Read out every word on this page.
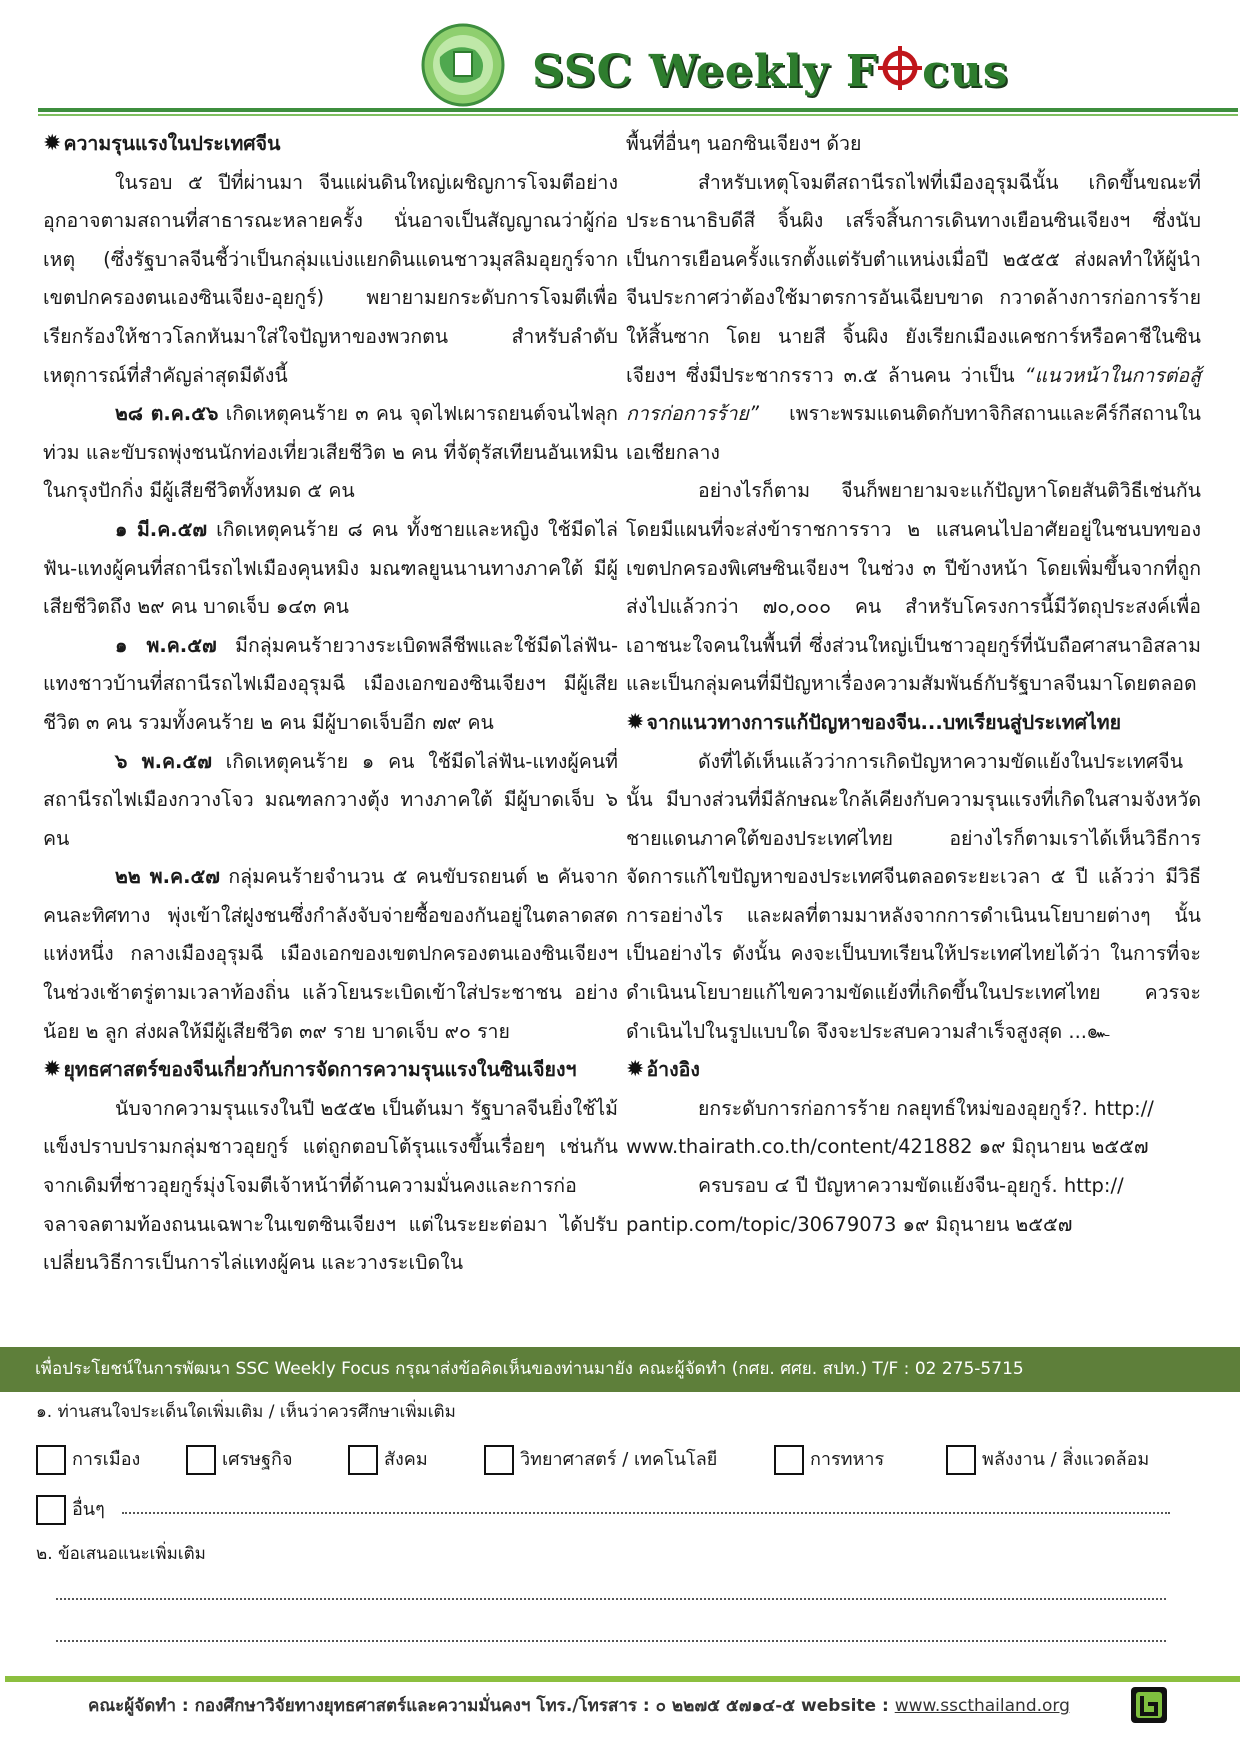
SSC Weekly F cus

✹ ความรุนแรงในประเทศจีน

ในรอบ ๕ ปีที่ผ่านมา จีนแผ่นดินใหญ่เผชิญการโจมตีอย่างอุกอาจตามสถานที่สาธารณะหลายครั้ง นั่นอาจเป็นสัญญาณว่าผู้ก่อเหตุ (ซึ่งรัฐบาลจีนชี้ว่าเป็นกลุ่มแบ่งแยกดินแดนชาวมุสลิมอุยกูร์จากเขตปกครองตนเองซินเจียง-อุยกูร์) พยายามยกระดับการโจมตีเพื่อเรียกร้องให้ชาวโลกหันมาใส่ใจปัญหาของพวกตน สำหรับลำดับเหตุการณ์ที่สำคัญล่าสุดมีดังนี้

๒๘ ต.ค.๕๖ เกิดเหตุคนร้าย ๓ คน จุดไฟเผารถยนต์จนไฟลุกท่วม และขับรถพุ่งชนนักท่องเที่ยวเสียชีวิต ๒ คน ที่จัตุรัสเทียนอันเหมินในกรุงปักกิ่ง มีผู้เสียชีวิตทั้งหมด ๕ คน

๑ มี.ค.๕๗ เกิดเหตุคนร้าย ๘ คน ทั้งชายและหญิง ใช้มีดไล่ฟัน-แทงผู้คนที่สถานีรถไฟเมืองคุนหมิง มณฑลยูนนานทางภาคใต้ มีผู้เสียชีวิตถึง ๒๙ คน บาดเจ็บ ๑๔๓ คน

๑ พ.ค.๕๗ มีกลุ่มคนร้ายวางระเบิดพลีชีพและใช้มีดไล่ฟัน-แทงชาวบ้านที่สถานีรถไฟเมืองอุรุมฉี เมืองเอกของซินเจียงฯ มีผู้เสียชีวิต ๓ คน รวมทั้งคนร้าย ๒ คน มีผู้บาดเจ็บอีก ๗๙ คน

๖ พ.ค.๕๗ เกิดเหตุคนร้าย ๑ คน ใช้มีดไล่ฟัน-แทงผู้คนที่สถานีรถไฟเมืองกวางโจว มณฑลกวางตุ้ง ทางภาคใต้ มีผู้บาดเจ็บ ๖ คน

๒๒ พ.ค.๕๗ กลุ่มคนร้ายจำนวน ๕ คนขับรถยนต์ ๒ คันจากคนละทิศทาง พุ่งเข้าใส่ฝูงชนซึ่งกำลังจับจ่ายซื้อของกันอยู่ในตลาดสดแห่งหนึ่ง กลางเมืองอุรุมฉี เมืองเอกของเขตปกครองตนเองซินเจียงฯ ในช่วงเช้าตรู่ตามเวลาท้องถิ่น แล้วโยนระเบิดเข้าใส่ประชาชน อย่างน้อย ๒ ลูก ส่งผลให้มีผู้เสียชีวิต ๓๙ ราย บาดเจ็บ ๙๐ ราย

✹ ยุทธศาสตร์ของจีนเกี่ยวกับการจัดการความรุนแรงในซินเจียงฯ

นับจากความรุนแรงในปี ๒๕๕๒ เป็นต้นมา รัฐบาลจีนยิ่งใช้ไม้แข็งปราบปรามกลุ่มชาวอุยกูร์ แต่ถูกตอบโต้รุนแรงขึ้นเรื่อยๆ เช่นกัน จากเดิมที่ชาวอุยกูร์มุ่งโจมตีเจ้าหน้าที่ด้านความมั่นคงและการก่อจลาจลตามท้องถนนเฉพาะในเขตซินเจียงฯ แต่ในระยะต่อมา ได้ปรับเปลี่ยนวิธีการเป็นการไล่แทงผู้คน และวางระเบิดใน

พื้นที่อื่นๆ นอกซินเจียงฯ ด้วย

สำหรับเหตุโจมตีสถานีรถไฟที่เมืองอุรุมฉีนั้น เกิดขึ้นขณะที่ประธานาธิบดีสี จิ้นผิง เสร็จสิ้นการเดินทางเยือนซินเจียงฯ ซึ่งนับเป็นการเยือนครั้งแรกตั้งแต่รับตำแหน่งเมื่อปี ๒๕๕๕ ส่งผลทำให้ผู้นำจีนประกาศว่าต้องใช้มาตรการอันเฉียบขาด กวาดล้างการก่อการร้ายให้สิ้นซาก โดย นายสี จิ้นผิง ยังเรียกเมืองแคชการ์หรือคาชีในซินเจียงฯ ซึ่งมีประชากรราว ๓.๕ ล้านคน ว่าเป็น “แนวหน้าในการต่อสู้การก่อการร้าย” เพราะพรมแดนติดกับทาจิกิสถานและคีร์กีสถานในเอเชียกลาง

อย่างไรก็ตาม จีนก็พยายามจะแก้ปัญหาโดยสันติวิธีเช่นกัน โดยมีแผนที่จะส่งข้าราชการราว ๒ แสนคนไปอาศัยอยู่ในชนบทของเขตปกครองพิเศษซินเจียงฯ ในช่วง ๓ ปีข้างหน้า โดยเพิ่มขึ้นจากที่ถูกส่งไปแล้วกว่า ๗๐,๐๐๐ คน สำหรับโครงการนี้มีวัตถุประสงค์เพื่อเอาชนะใจคนในพื้นที่ ซึ่งส่วนใหญ่เป็นชาวอุยกูร์ที่นับถือศาสนาอิสลาม และเป็นกลุ่มคนที่มีปัญหาเรื่องความสัมพันธ์กับรัฐบาลจีนมาโดยตลอด

✹ จากแนวทางการแก้ปัญหาของจีน...บทเรียนสู่ประเทศไทย

ดังที่ได้เห็นแล้วว่าการเกิดปัญหาความขัดแย้งในประเทศจีนนั้น มีบางส่วนที่มีลักษณะใกล้เคียงกับความรุนแรงที่เกิดในสามจังหวัดชายแดนภาคใต้ของประเทศไทย อย่างไรก็ตามเราได้เห็นวิธีการจัดการแก้ไขปัญหาของประเทศจีนตลอดระยะเวลา ๕ ปี แล้วว่า มีวิธีการอย่างไร และผลที่ตามมาหลังจากการดำเนินนโยบายต่างๆ นั้น เป็นอย่างไร ดังนั้น คงจะเป็นบทเรียนให้ประเทศไทยได้ว่า ในการที่จะดำเนินนโยบายแก้ไขความขัดแย้งที่เกิดขึ้นในประเทศไทย ควรจะดำเนินไปในรูปแบบใด จึงจะประสบความสำเร็จสูงสุด ...๛

✹ อ้างอิง

ยกระดับการก่อการร้าย กลยุทธ์ใหม่ของอุยกูร์?. http://

www.thairath.co.th/content/421882 ๑๙ มิถุนายน ๒๕๕๗

ครบรอบ ๔ ปี ปัญหาความขัดแย้งจีน-อุยกูร์. http://

pantip.com/topic/30679073 ๑๙ มิถุนายน ๒๕๕๗

เพื่อประโยชน์ในการพัฒนา SSC Weekly Focus กรุณาส่งข้อคิดเห็นของท่านมายัง คณะผู้จัดทำ (กศย. ศศย. สปท.) T/F : 02 275-5715
๑. ท่านสนใจประเด็นใดเพิ่มเติม / เห็นว่าควรศึกษาเพิ่มเติม
การเมือง	เศรษฐกิจ	สังคม	วิทยาศาสตร์ / เทคโนโลยี	การทหาร	พลังงาน / สิ่งแวดล้อม
อื่นๆ
๒. ข้อเสนอแนะเพิ่มเติม
คณะผู้จัดทำ : กองศึกษาวิจัยทางยุทธศาสตร์และความมั่นคงฯ โทร./โทรสาร : ๐ ๒๒๗๕ ๕๗๑๔-๕ website : www.sscthailand.org
